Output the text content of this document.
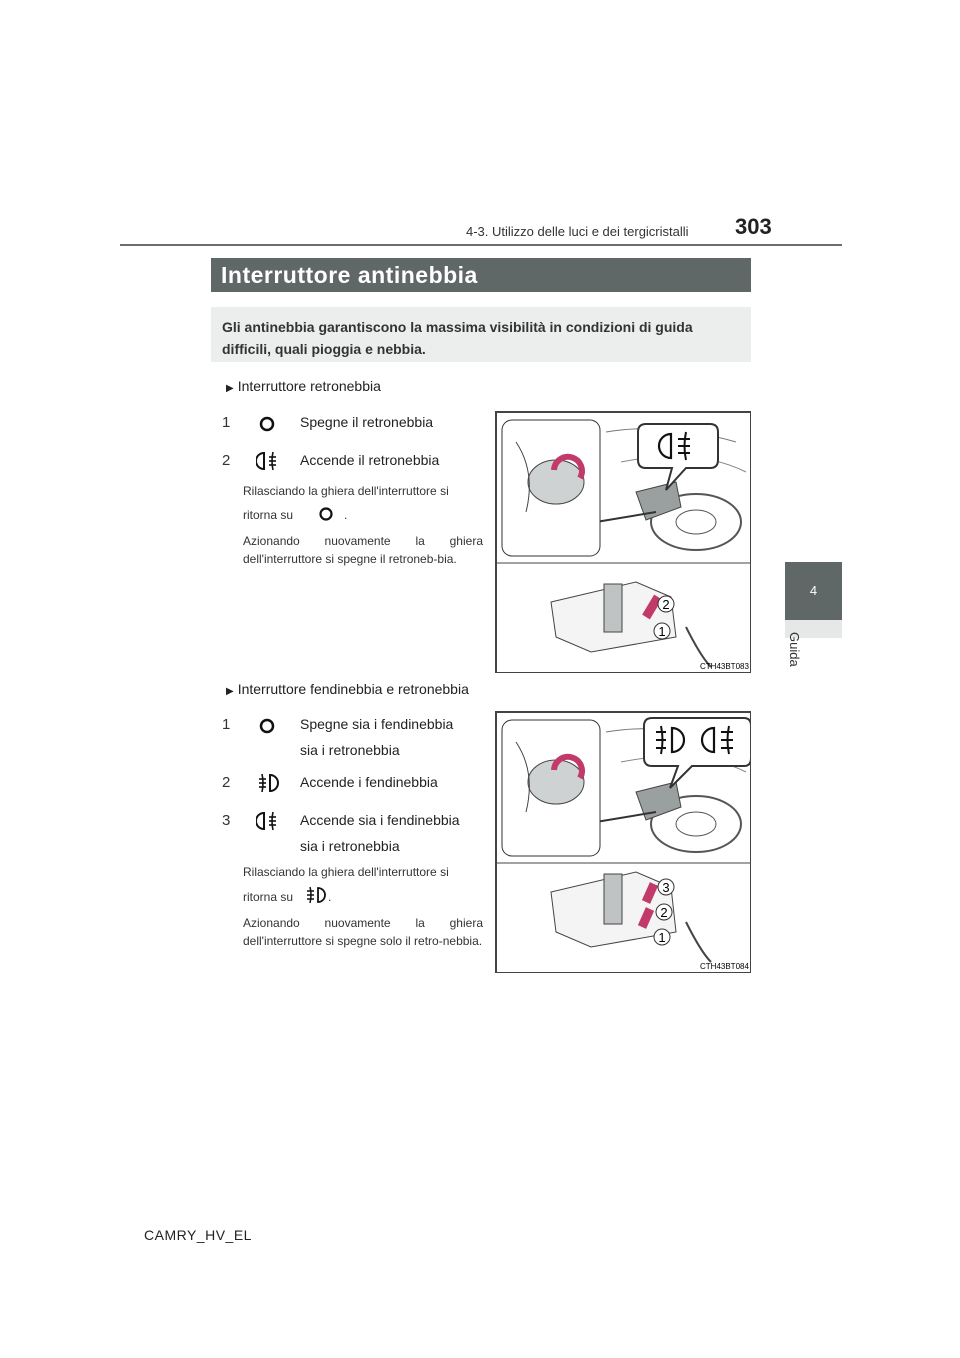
4-3. Utilizzo delle luci e dei tergicristalli 303
4
Guida
Interruttore antinebbia
Gli antinebbia garantiscono la massima visibilità in condizioni di guida difficili, quali pioggia e nebbia.
▶ Interruttore retronebbia
1	Spegne il retronebbia
2	Accende il retronebbia
Rilasciando la ghiera dell'interruttore si
ritorna su	.
Azionando nuovamente la ghiera dell'interruttore si spegne il retroneb-bia.
2
1
CTH43BT083
▶ Interruttore fendinebbia e retronebbia
1	Spegne sia i fendinebbia
sia i retronebbia
2	Accende i fendinebbia
3	Accende sia i fendinebbia
sia i retronebbia
Rilasciando la ghiera dell'interruttore si
ritorna su	.
Azionando nuovamente la ghiera dell'interruttore si spegne solo il retro-nebbia.
3
2
1
CTH43BT084
CAMRY_HV_EL
